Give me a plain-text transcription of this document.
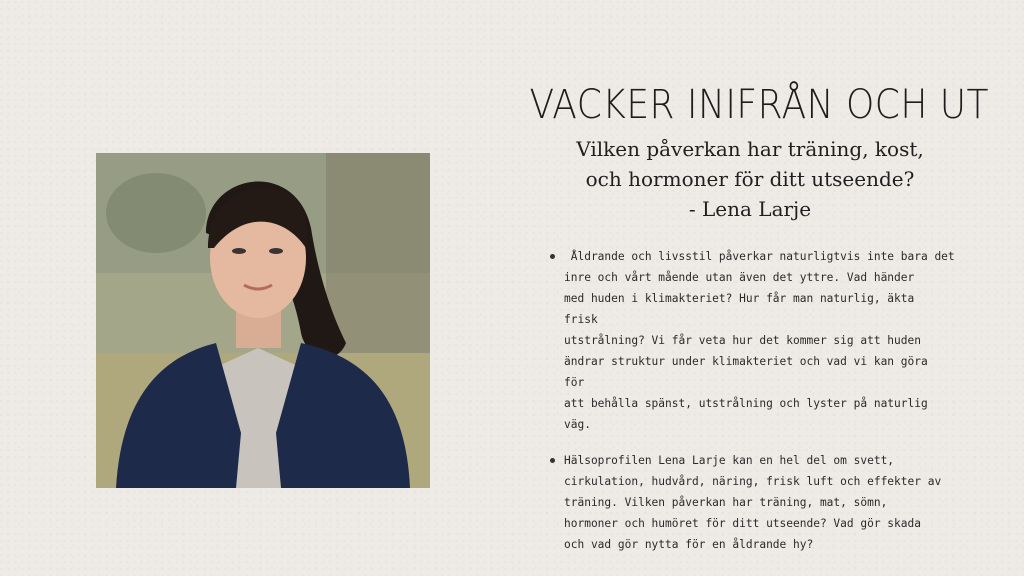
VACKER INIFRÅN OCH UT
Vilken påverkan har träning, kost,
och hormoner för ditt utseende?
- Lena Larje
Åldrande och livsstil påverkar naturligtvis inte bara det
inre och vårt mående utan även det yttre. Vad händer
med huden i klimakteriet? Hur får man naturlig, äkta frisk
utstrålning? Vi får veta hur det kommer sig att huden
ändrar struktur under klimakteriet och vad vi kan göra för
att behålla spänst, utstrålning och lyster på naturlig väg.
Hälsoprofilen Lena Larje kan en hel del om svett,
cirkulation, hudvård, näring, frisk luft och effekter av
träning. Vilken påverkan har träning, mat, sömn,
hormoner och humöret för ditt utseende? Vad gör skada
och vad gör nytta för en åldrande hy?
